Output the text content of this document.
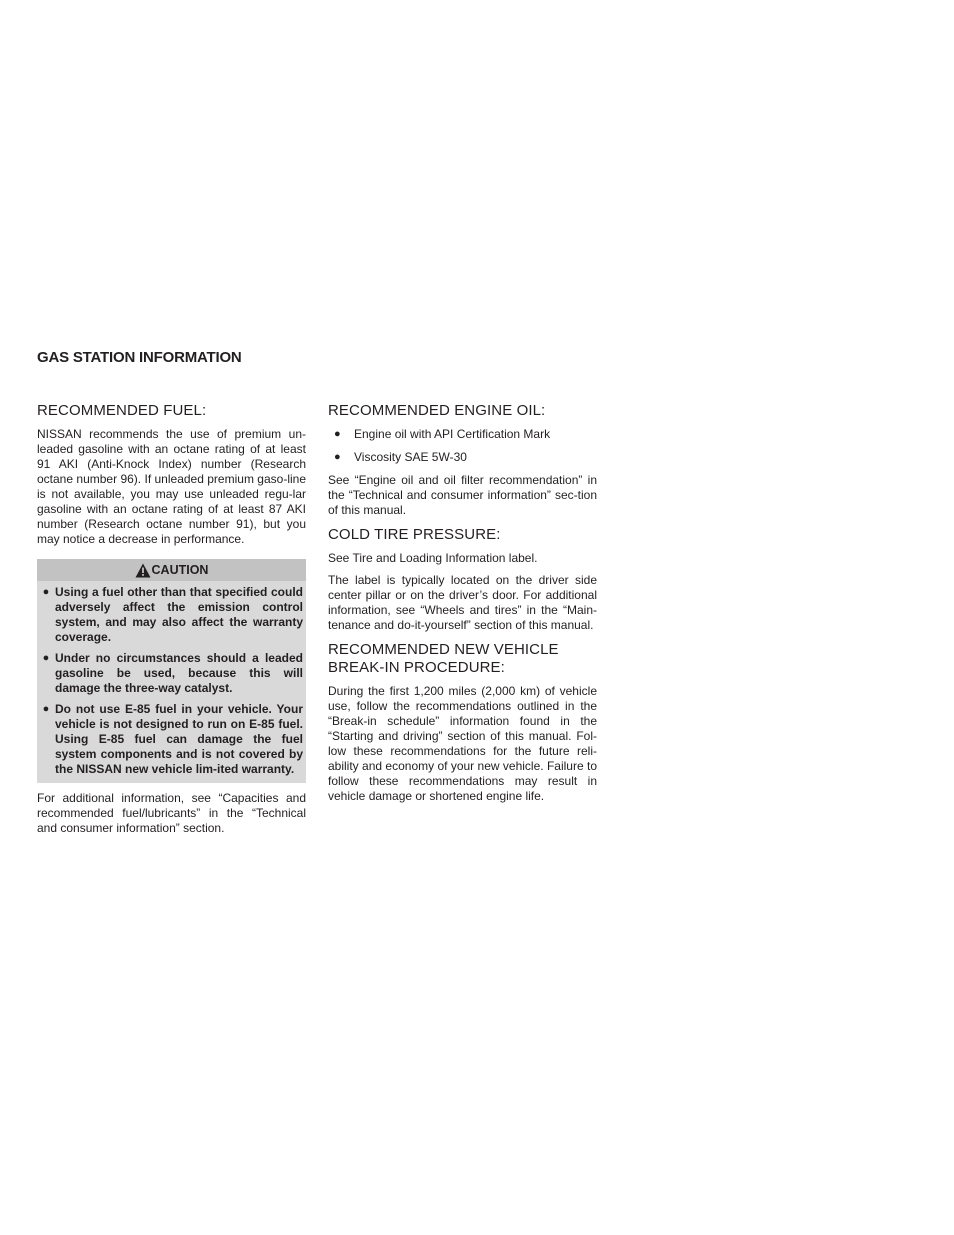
GAS STATION INFORMATION
RECOMMENDED FUEL:

NISSAN recommends the use of premium un-leaded gasoline with an octane rating of at least 91 AKI (Anti-Knock Index) number (Research octane number 96). If unleaded premium gaso-line is not available, you may use unleaded regu-lar gasoline with an octane rating of at least 87 AKI number (Research octane number 91), but you may notice a decrease in performance.

CAUTION
● Using a fuel other than that specified could adversely affect the emission control system, and may also affect the warranty coverage.
● Under no circumstances should a leaded gasoline be used, because this will damage the three-way catalyst.
● Do not use E-85 fuel in your vehicle. Your vehicle is not designed to run on E-85 fuel. Using E-85 fuel can damage the fuel system components and is not covered by the NISSAN new vehicle lim-ited warranty.

For additional information, see “Capacities and recommended fuel/lubricants” in the “Technical and consumer information” section.

RECOMMENDED ENGINE OIL:
●	Engine oil with API Certification Mark
●	Viscosity SAE 5W-30

See “Engine oil and oil filter recommendation” in the “Technical and consumer information” sec-tion of this manual.

COLD TIRE PRESSURE:

See Tire and Loading Information label.

The label is typically located on the driver side center pillar or on the driver’s door. For additional information, see “Wheels and tires” in the “Main-tenance and do-it-yourself” section of this manual.

RECOMMENDED NEW VEHICLE
BREAK-IN PROCEDURE:

During the first 1,200 miles (2,000 km) of vehicle use, follow the recommendations outlined in the “Break-in schedule” information found in the “Starting and driving” section of this manual. Fol-low these recommendations for the future reli-ability and economy of your new vehicle. Failure to follow these recommendations may result in vehicle damage or shortened engine life.
